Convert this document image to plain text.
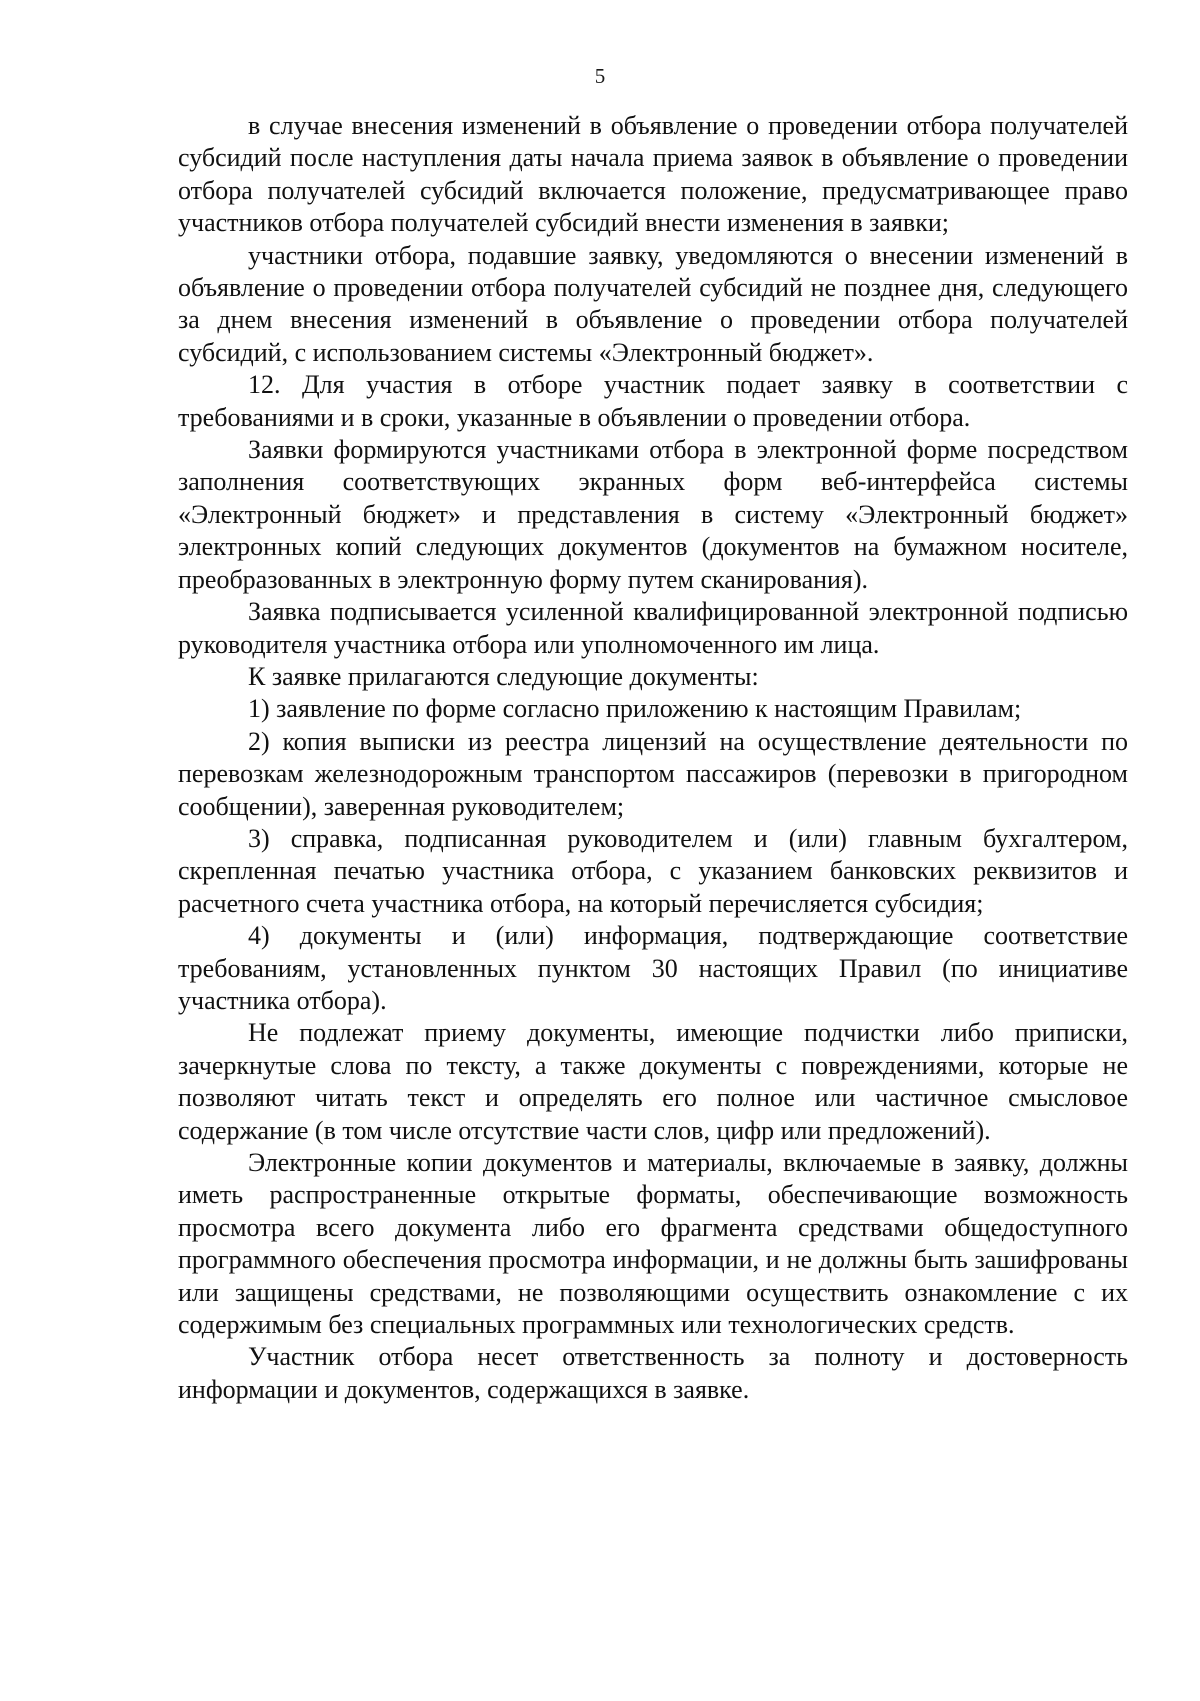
5

в случае внесения изменений в объявление о проведении отбора получателей субсидий после наступления даты начала приема заявок в объявление о проведении отбора получателей субсидий включается положение, предусматривающее право участников отбора получателей субсидий внести изменения в заявки;

участники отбора, подавшие заявку, уведомляются о внесении изменений в объявление о проведении отбора получателей субсидий не позднее дня, следующего за днем внесения изменений в объявление о проведении отбора получателей субсидий, с использованием системы «Электронный бюджет».

12. Для участия в отборе участник подает заявку в соответствии с требованиями и в сроки, указанные в объявлении о проведении отбора.

Заявки формируются участниками отбора в электронной форме посредством заполнения соответствующих экранных форм веб-интерфейса системы «Электронный бюджет» и представления в систему «Электронный бюджет» электронных копий следующих документов (документов на бумажном носителе, преобразованных в электронную форму путем сканирования).

Заявка подписывается усиленной квалифицированной электронной подписью руководителя участника отбора или уполномоченного им лица.

К заявке прилагаются следующие документы:

1) заявление по форме согласно приложению к настоящим Правилам;

2) копия выписки из реестра лицензий на осуществление деятельности по перевозкам железнодорожным транспортом пассажиров (перевозки в пригородном сообщении), заверенная руководителем;

3) справка, подписанная руководителем и (или) главным бухгалтером, скрепленная печатью участника отбора, с указанием банковских реквизитов и расчетного счета участника отбора, на который перечисляется субсидия;

4) документы и (или) информация, подтверждающие соответствие требованиям, установленных пунктом 30 настоящих Правил (по инициативе участника отбора).

Не подлежат приему документы, имеющие подчистки либо приписки, зачеркнутые слова по тексту, а также документы с повреждениями, которые не позволяют читать текст и определять его полное или частичное смысловое содержание (в том числе отсутствие части слов, цифр или предложений).

Электронные копии документов и материалы, включаемые в заявку, должны иметь распространенные открытые форматы, обеспечивающие возможность просмотра всего документа либо его фрагмента средствами общедоступного программного обеспечения просмотра информации, и не должны быть зашифрованы или защищены средствами, не позволяющими осуществить ознакомление с их содержимым без специальных программных или технологических средств.

Участник отбора несет ответственность за полноту и достоверность информации и документов, содержащихся в заявке.
